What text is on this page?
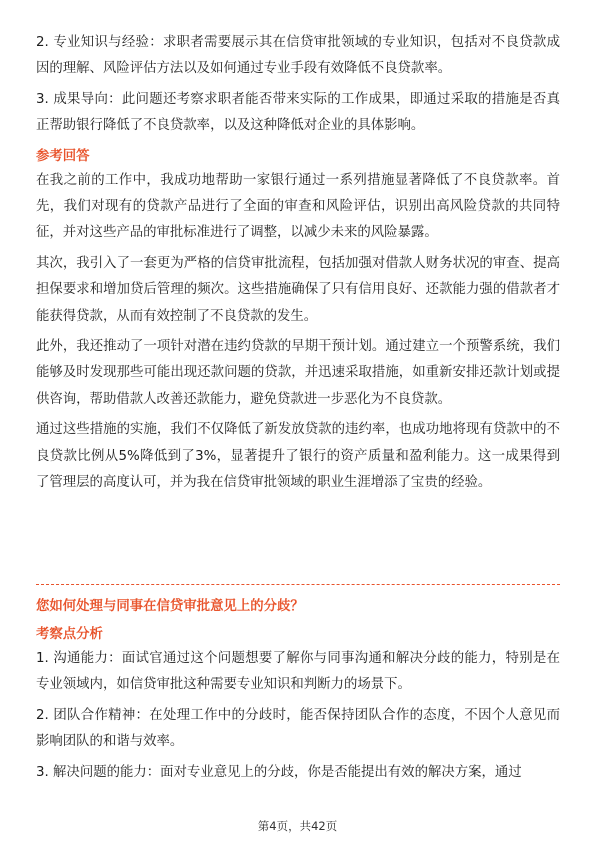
2. 专业知识与经验：求职者需要展示其在信贷审批领域的专业知识，包括对不良贷款成因的理解、风险评估方法以及如何通过专业手段有效降低不良贷款率。

3. 成果导向：此问题还考察求职者能否带来实际的工作成果，即通过采取的措施是否真正帮助银行降低了不良贷款率，以及这种降低对企业的具体影响。

参考回答

在我之前的工作中，我成功地帮助一家银行通过一系列措施显著降低了不良贷款率。首先，我们对现有的贷款产品进行了全面的审查和风险评估，识别出高风险贷款的共同特征，并对这些产品的审批标准进行了调整，以减少未来的风险暴露。

其次，我引入了一套更为严格的信贷审批流程，包括加强对借款人财务状况的审查、提高担保要求和增加贷后管理的频次。这些措施确保了只有信用良好、还款能力强的借款者才能获得贷款，从而有效控制了不良贷款的发生。

此外，我还推动了一项针对潜在违约贷款的早期干预计划。通过建立一个预警系统，我们能够及时发现那些可能出现还款问题的贷款，并迅速采取措施，如重新安排还款计划或提供咨询，帮助借款人改善还款能力，避免贷款进一步恶化为不良贷款。

通过这些措施的实施，我们不仅降低了新发放贷款的违约率，也成功地将现有贷款中的不良贷款比例从5%降低到了3%，显著提升了银行的资产质量和盈利能力。这一成果得到了管理层的高度认可，并为我在信贷审批领域的职业生涯增添了宝贵的经验。

您如何处理与同事在信贷审批意见上的分歧？

考察点分析

1. 沟通能力：面试官通过这个问题想要了解你与同事沟通和解决分歧的能力，特别是在专业领域内，如信贷审批这种需要专业知识和判断力的场景下。

2. 团队合作精神：在处理工作中的分歧时，能否保持团队合作的态度，不因个人意见而影响团队的和谐与效率。

3. 解决问题的能力：面对专业意见上的分歧，你是否能提出有效的解决方案，通过

第4页，共42页
